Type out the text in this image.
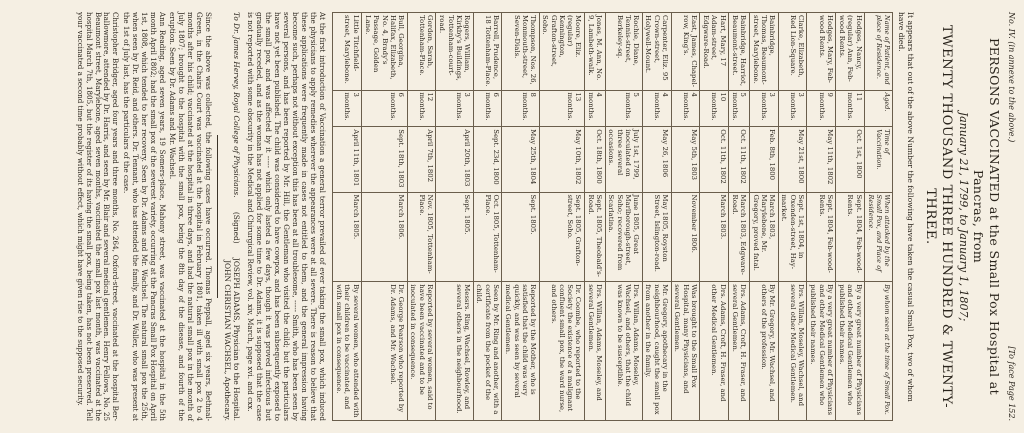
No. IV. (in annexe to the above.)
[To face Page 152.
PERSONS VACCINATED at the Small Pox Hospital at Pancras, from
January 21, 1799, to January 1, 1807;
TWENTY THOUSAND THREE HUNDRED & TWENTY-THREE.
It appears that out of the above Number the following have taken the casual Small Pox, two of whom have died.
Name of Patient, and place of Residence.	Aged.	Time of Vaccination.	When attacked by the Small Pox, and Place of Residence.	By whom seen at the time of Small Pox.
Hodges, Nancy, (regular) Ann, Feb-wood Rents.	11 months.	Oct. 1st, 1800	Sept. 1804, Feb-wood-Rents.	By a very great number of Physicians and other Medical Gentlemen who published their names.
Hodges, Mary, Feb-wood Rents.	9 months.	May 11th, 1802	Sept. 1804, Feb-wood-Rents.	By a very great number of Physicians and other Medical Gentlemen who published their names.
Clarke, Elizabeth, Red Lion-Square.	3 months.	May 21st, 1800	Sept. 1st, 1804, in Oxenden-street, Hay-market.	Drs. Willan, Moseley, Wachsel, and several other Medical Gentlemen.
Bainbridge, Thomas, Beaumont-street, Marylebone.	3 months.	Feb. 8th, 1800	March 1803, Marylebone, Mr. Gregory, proved fatal.	By Mr. Gregory, Mr. Wachsel, and others of the profession.
Bainbridge, Harriot, Beaumont-street.	5 months.	Oct. 11th, 1802	March 1803, Edgware-Road.	Drs. Adams, Croft, H. Fraser, and several Gentlemen.
Hart, Mary, 17 Adam-street, Edgware-Road.	10 months.	Oct. 11th, 1802	March 1803.	Drs. Adams, Croft, H. Fraser, and other Medical Gentlemen.
East, James, Chapel-row, King's.	4 months.	May 5th, 1803	November 1806.	Was brought to the Small Pox Hospital, many Physicians, and several Gentlemen.
Carpenter, Eliz. 95 Crown-street, Holywell-Mount.	4 months.	May 26, 1806	May 1805, Royston Street, Islington-road.	Mr. Gregory, apothecary in the neighbourhood, caught the small pox from another in the family.
Rochie, Diane, Tennis-street, Berkeley-sq.	5 months.	July 1st, 1799, inoculated on three several occasions.	June 1805, Great Marlborough-street, Soho; recovered from Scarlatina.	Drs. Willan, Adams, Moseley, Wachsel, and others, that the child was known to be susceptible.
Jones, M. Ann, No. 9, Lambeth-walk.	4 months.	Oct. 18th, 1800	Sept. 1805, Theobald's-Road.	Drs. Willan, Adams, Moseley, and several Gentlemen.
Moore, Eliz. (regular) Kennington, Grafton-street, Soho.	13 months.	May 10th, 1802	Sept. 1805, Grafton-street, Soho.	Dr. Coombe, who reported to the Society the existence of a malignant confluent small pox, the ward nurse, and others.
Thompson, Nos. 26, Monmouth-street, Seven-Dials.	8 months.	May 25th, 1804	Sept. 1805.	Reported by the Mother, who is satisfied that the child was very quickly, and was seen by several medical Gentlemen.
Barrell, Prudence, 18 Tottenham-Place.	6 months.	Sept. 23d, 1800	Oct. 1805, Tottenham-Place.	Seen by Mr. Ring and another, with a certificate from the pocket of the child.
Rogers, William, Kirkby's Buildings, Tottenham-court-road.	3 months.	April 20th, 1803	Sept. 1805.	Messrs. Ring, Wachsel, Rowley, and several others in the neighbourhood.
Gordon, Sarah, Tottenham-Place.	12 months.	April 7th, 1802	Nov. 1805, Tottenham-Place.	Reported by several women, said to have been vaccinated and to be inoculated in consequence.
Bull, Georgina, Halifax, Elizabeth, No. 4, Brady's Passage, Golden Lane.	6 months.	Sept. 18th, 1803	March 1806.	Dr. George Pearson who reported by Dr. Adams, and Mr. Wachsel.
Little Titchfield-street, Marylebone.	3 months.	April 11th, 1801	March 1805.	By several women, who attended with their children to be vaccinated, and with small pox in consequence.
At the first introduction of Vaccination a general terror prevailed of ever taking the small pox, which induced the physicians to apply remedies wherever the appearances were at all severe. There is reason to believe that these applications were frequently made in cases not entitled to them, and the general impression having become such, perhaps not without exception this has been at all troublesome, ----- Smith, who has been seen by several persons, and has been reported by Mr. Hill, the Gentleman who visited the child; but the particulars have not yet been published. The child was considered to have cowpox, and has been subsequently exposed to the small pox, and was affected by it ----- which only lasted a few days, though it was proved infectious but gradually receded, and as the woman has not applied for some time to Dr. Adams, it is supposed that the case is not reported with some obscurity in the Medical and Chirurgical Review, vol. xiv, March, page xvi. and cxx.
To Dr. James Hervey, Royal College of Physicians.
(Signed)
JOSEPH ADAMS, Physician to the Hospital.
JOHN CHRISTIAN WACHSEL, Apothecary.

Since the above was collected, the following cases have occurred. Thomas Peppall, aged six years, Bethnal-Green, in the Chairs Court was vaccinated at the hospital in February 1801, taken ill with small pox 2 to 4 months after his child; vaccinated at the hospital in three days, and had the natural small pox in the month of July 1807; brought to the hospital with the small pox, being the 8th day of the disease, and fourth of the eruption. Seen by Dr. Adams and Mr. Wachsel.

Ann Reading, aged seven years, 19 Somers-place, Mahony street, was vaccinated at the hospital in the 5th month April 1802; had the small pox of the severest variety, occurring at the Pancras Small Pox Hospital on April 1st, 1808, which tended to her recovery. Seen by Dr. Adams and Mr. Wachsel. The natural small pox the 25th, when seen by Dr. Reid, and others. Dr. Tennant, who has attended the family, and Dr. Waller, who was present at the 1st of July last, has the particulars of the case.

Christopher Bridger, aged four years and three months, No. 264, Oxford-street, vaccinated at the hospital Ber-hallowmore, attended by Dr. Harris, and seen by Mr. Blair and several medical gentlemen. Henry Fellows, No. 25 Beaumont street, Marylebone, aged seven months, vaccinated the small pox last month, was vaccinated at the hospital March 7th, 1805, but the register of its having the small pox, being taken, has not been preserved. Tell your vaccinated a second time probably without effect, which might have given rise to the supposed security.
